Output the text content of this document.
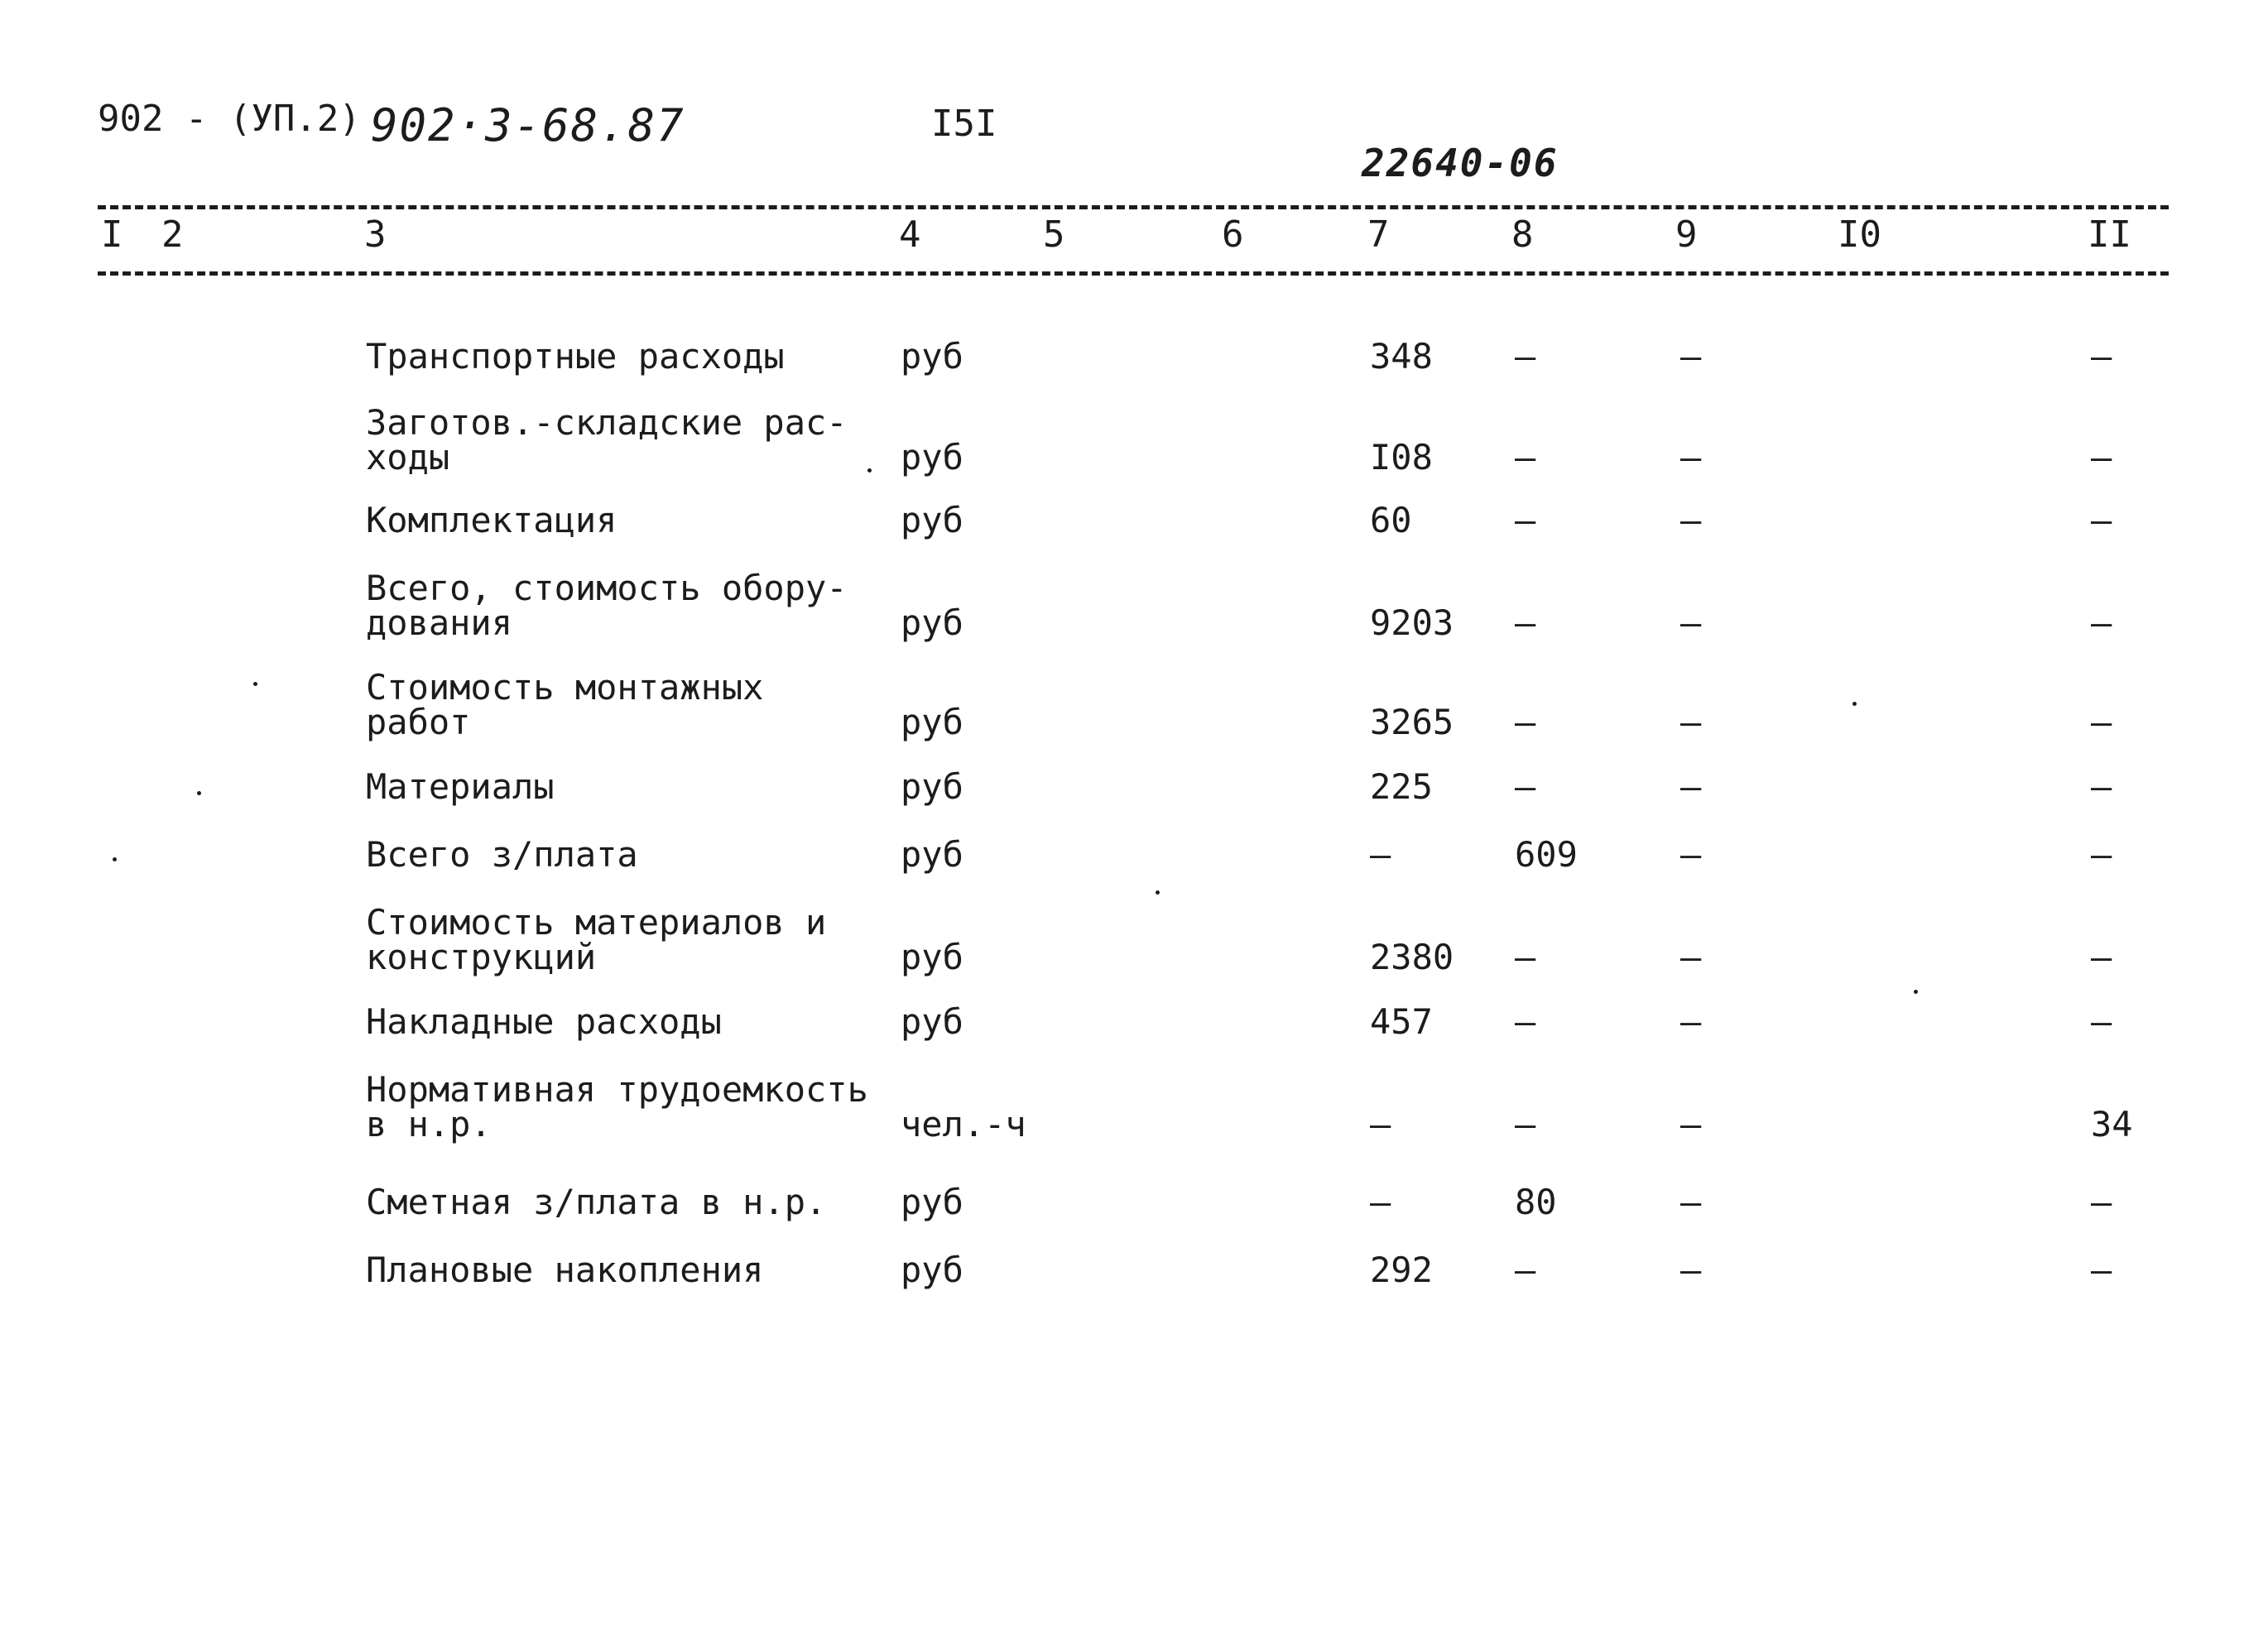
902 - (УП.2) 902·3-68.87	I5I
22640-06
I 2	3	4	5	6	7	8	9	I0	II
Транспортные расходы	руб	348 –	–	–
Заготов.-складские рас-
ходы	руб	I08 –	–	–
Комплектация	руб	60	–	–	–
Всего, стоимость обору-
дования	руб	9203 –	–	–
Стоимость монтажных
работ	руб	3265 –	–	–
Материалы	руб	225 –	–	–
Всего з/плата	руб	–	609	–	–
Стоимость материалов и
конструкций	руб	2380 –	–	–
Накладные расходы	руб	457 –	–	–
Нормативная трудоемкость
в н.р.	чел.-ч	–	–	–	34
Сметная з/плата в н.р. руб	–	80	–	–
Плановые накопления	руб	292 –	–	–
